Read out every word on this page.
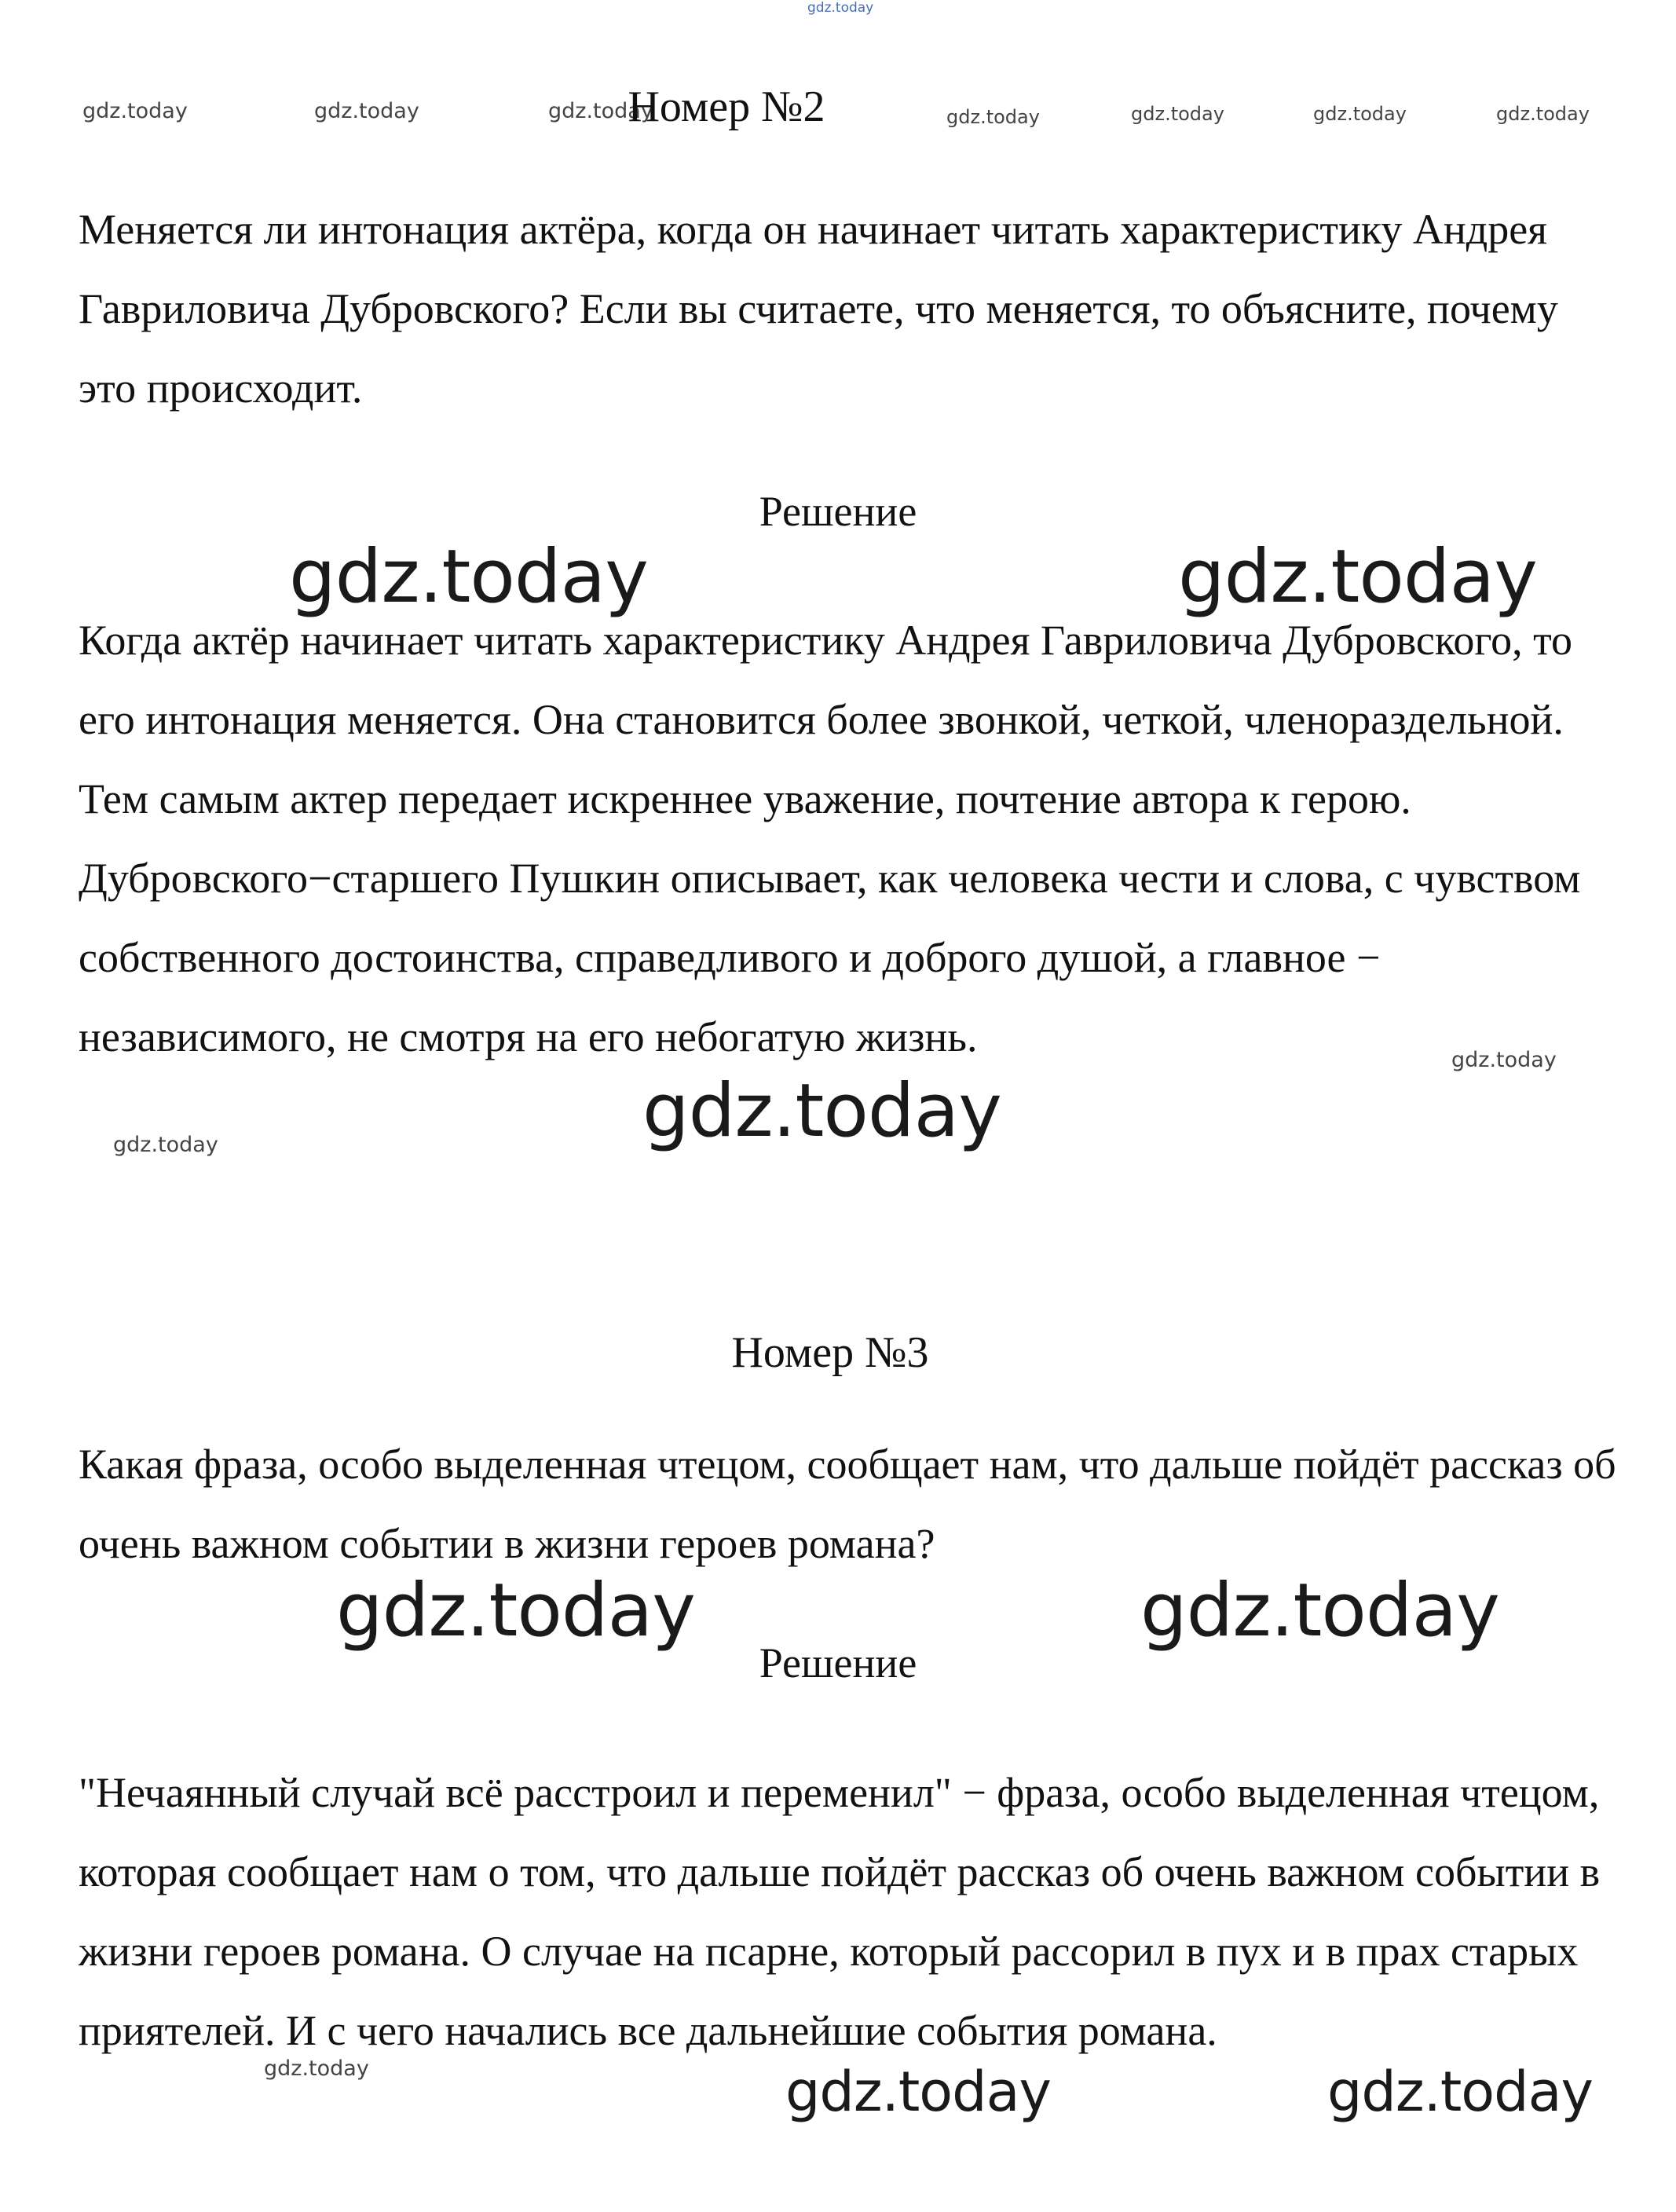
gdz.today
gdz.today	gdz.today	gdz.today	gdz.today	gdz.today	gdz.today	gdz.today
Номер №2

Меняется ли интонация актёра, когда он начинает читать характеристику Андрея Гавриловича Дубровского? Если вы считаете, что меняется, то объясните, почему это происходит.

Решение
gdz.today	gdz.today

Когда актёр начинает читать характеристику Андрея Гавриловича Дубровского, то его интонация меняется. Она становится более звонкой, четкой, членораздельной. Тем самым актер передает искреннее уважение, почтение автора к герою. Дубровского−старшего Пушкин описывает, как человека чести и слова, с чувством собственного достоинства, справедливого и доброго душой, а главное − независимого, не смотря на его небогатую жизнь.	gdz.today
gdz.today
gdz.today
Номер №3

Какая фраза, особо выделенная чтецом, сообщает нам, что дальше пойдёт рассказ об очень важном событии в жизни героев романа?

gdz.today	gdz.today
Решение

"Нечаянный случай всё расстроил и переменил" − фраза, особо выделенная чтецом, которая сообщает нам о том, что дальше пойдёт рассказ об очень важном событии в жизни героев романа. О случае на псарне, который рассорил в пух и в прах старых приятелей. И с чего начались все дальнейшие события романа.

gdz.today	gdz.today	gdz.today
